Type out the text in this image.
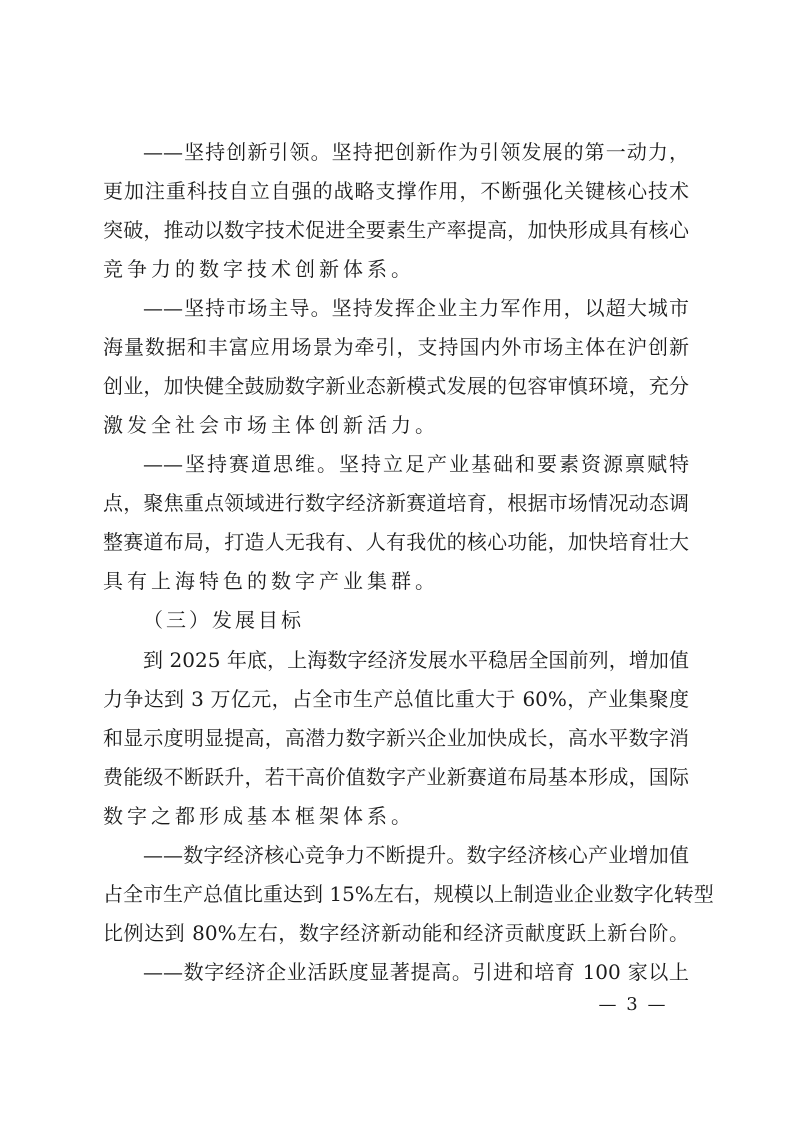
——坚持创新引领。坚持把创新作为引领发展的第一动力，
更加注重科技自立自强的战略支撑作用，不断强化关键核心技术
突破，推动以数字技术促进全要素生产率提高，加快形成具有核心
竞争力的数字技术创新体系。
——坚持市场主导。坚持发挥企业主力军作用，以超大城市
海量数据和丰富应用场景为牵引，支持国内外市场主体在沪创新
创业，加快健全鼓励数字新业态新模式发展的包容审慎环境，充分
激发全社会市场主体创新活力。
——坚持赛道思维。坚持立足产业基础和要素资源禀赋特
点，聚焦重点领域进行数字经济新赛道培育，根据市场情况动态调
整赛道布局，打造人无我有、人有我优的核心功能，加快培育壮大
具有上海特色的数字产业集群。
（三）发展目标
到 2025 年底，上海数字经济发展水平稳居全国前列，增加值
力争达到 3 万亿元，占全市生产总值比重大于 60%，产业集聚度
和显示度明显提高，高潜力数字新兴企业加快成长，高水平数字消
费能级不断跃升，若干高价值数字产业新赛道布局基本形成，国际
数字之都形成基本框架体系。
——数字经济核心竞争力不断提升。数字经济核心产业增加值
占全市生产总值比重达到 15%左右，规模以上制造业企业数字化转型
比例达到 80%左右，数字经济新动能和经济贡献度跃上新台阶。
——数字经济企业活跃度显著提高。引进和培育 100 家以上
— 3 —
